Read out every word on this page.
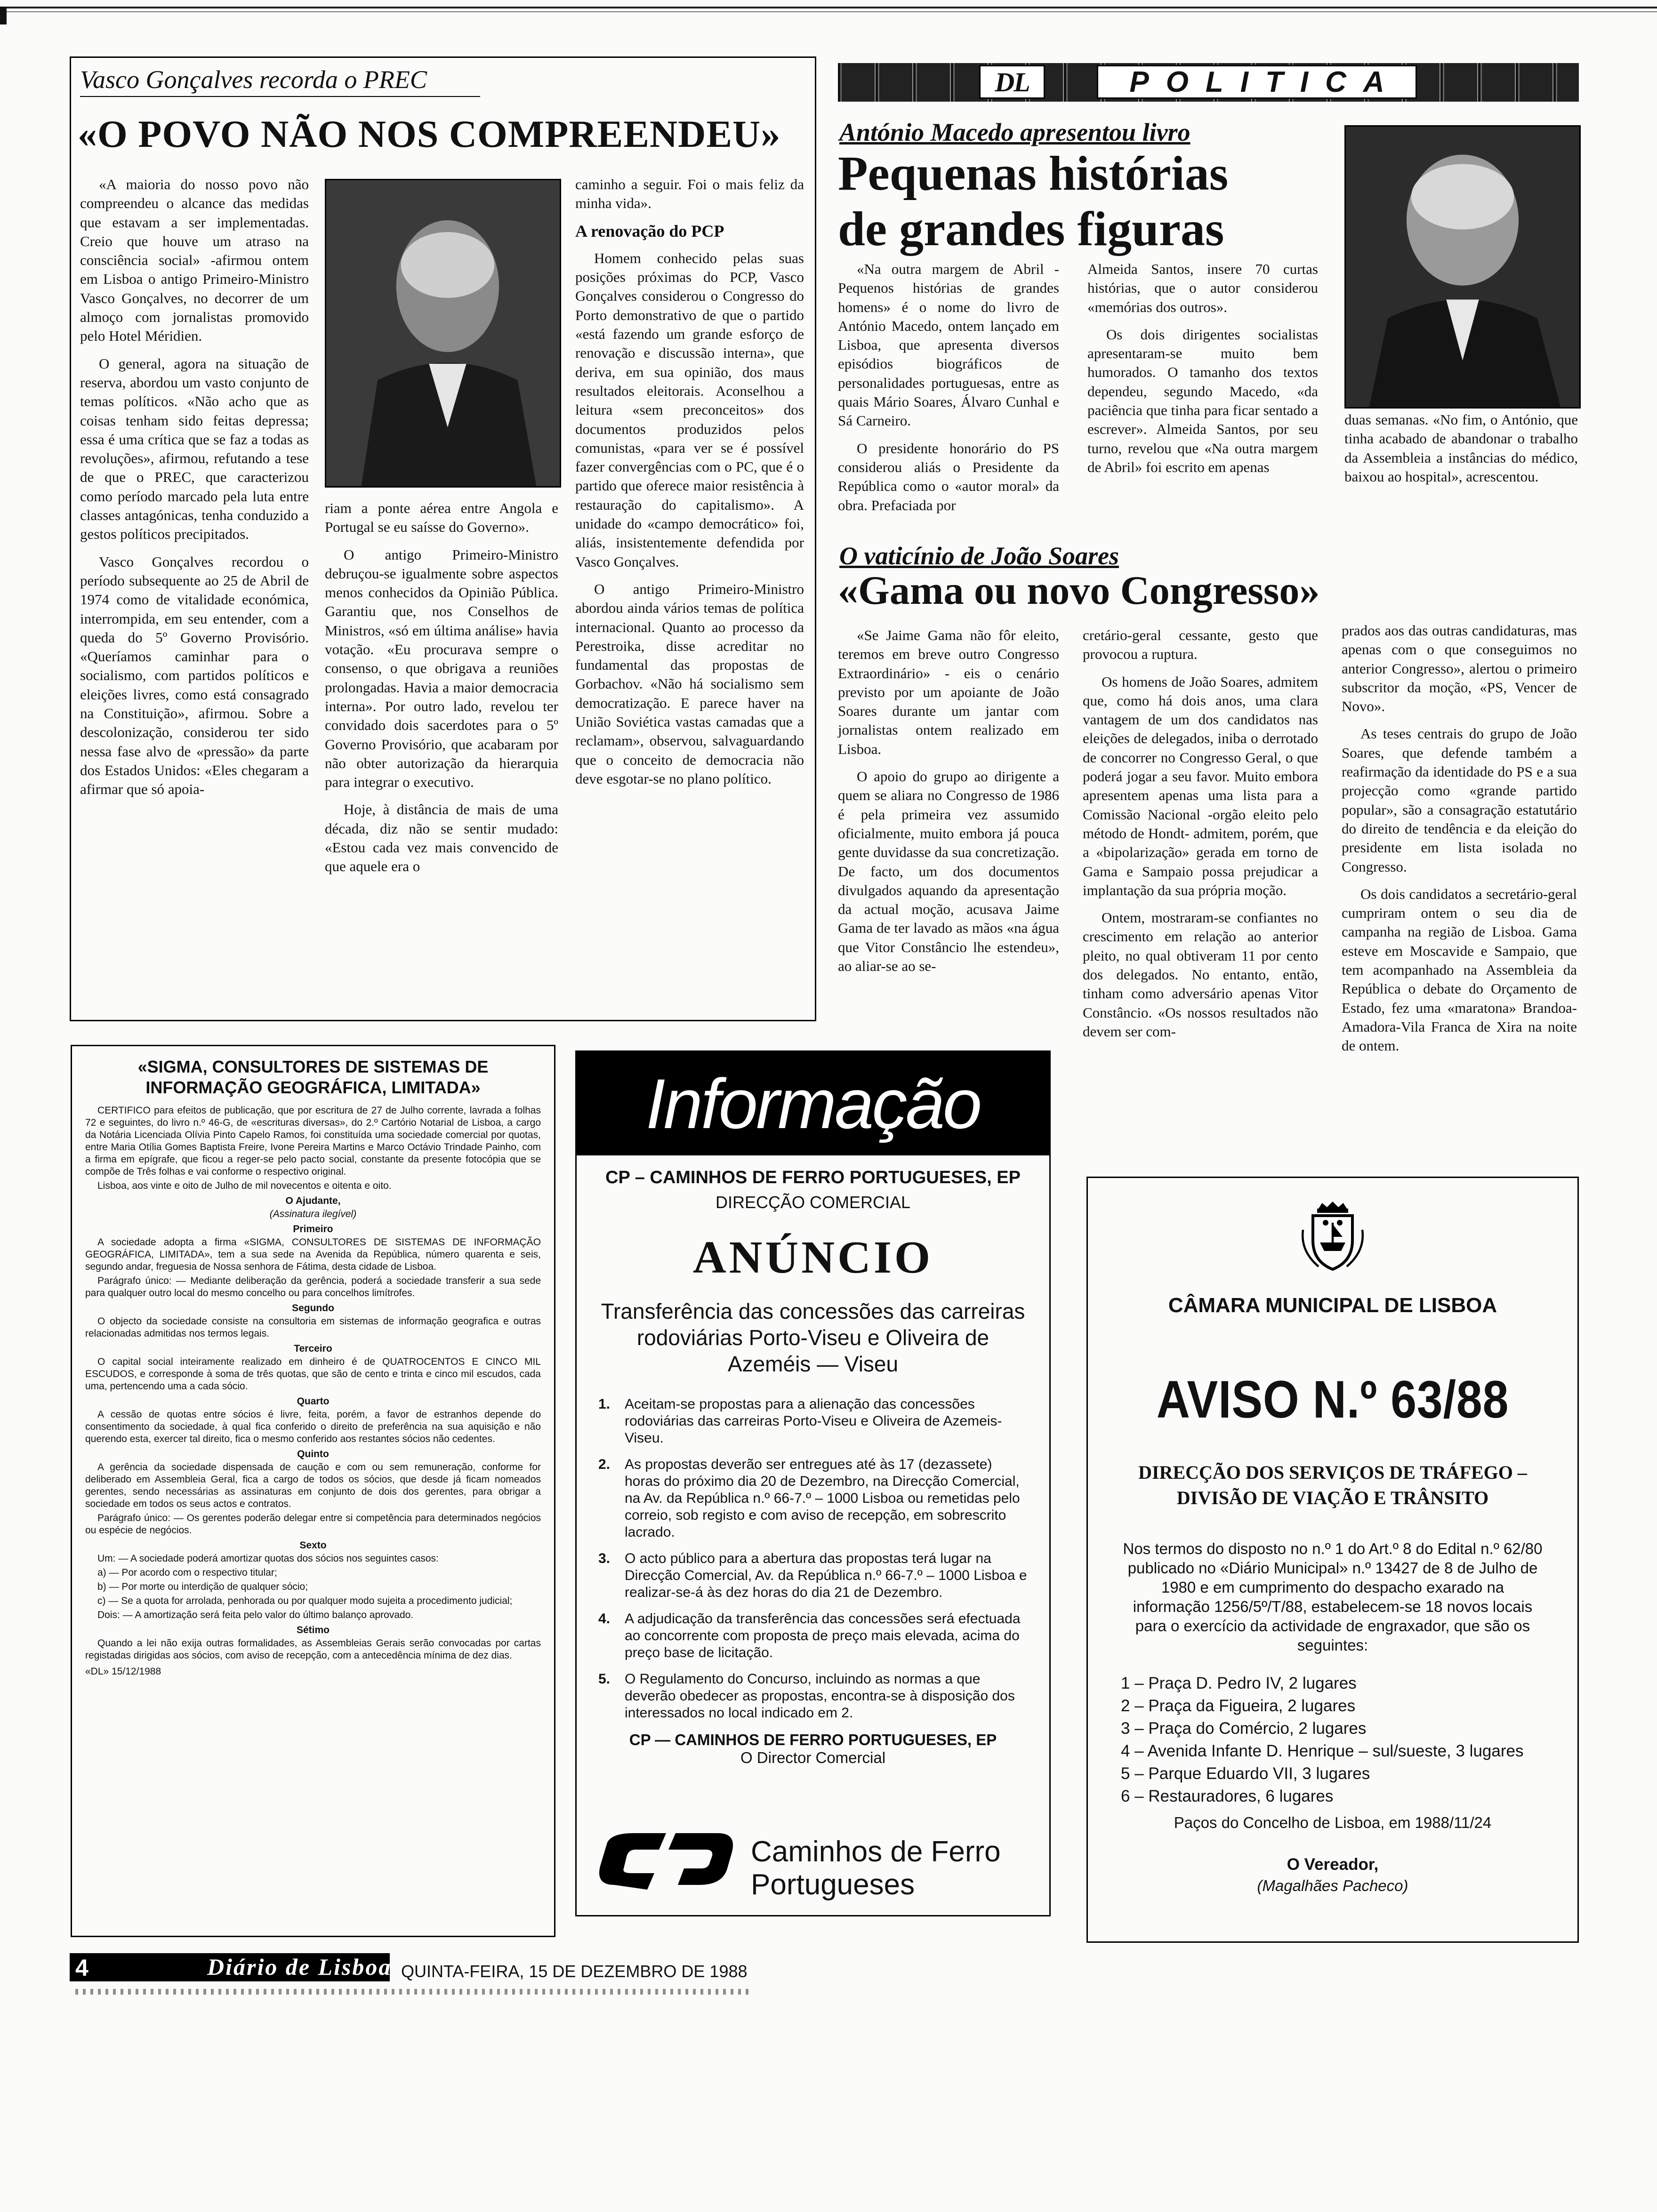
Vasco Gonçalves recorda o PREC
«O POVO NÃO NOS COMPREENDEU»

«A maioria do nosso povo não compreendeu o alcance das medidas que estavam a ser implementadas. Creio que houve um atraso na consciência social» -afirmou ontem em Lisboa o antigo Primeiro-Ministro Vasco Gonçalves, no decorrer de um almoço com jornalistas promovido pelo Hotel Méridien.

O general, agora na situação de reserva, abordou um vasto conjunto de temas políticos. «Não acho que as coisas tenham sido feitas depressa; essa é uma crítica que se faz a todas as revoluções», afirmou, refutando a tese de que o PREC, que caracterizou como período marcado pela luta entre classes antagónicas, tenha conduzido a gestos políticos precipitados.

Vasco Gonçalves recordou o período subsequente ao 25 de Abril de 1974 como de vitalidade económica, interrompida, em seu entender, com a queda do 5º Governo Provisório. «Queríamos caminhar para o socialismo, com partidos políticos e eleições livres, como está consagrado na Constituição», afirmou. Sobre a descolonização, considerou ter sido nessa fase alvo de «pressão» da parte dos Estados Unidos: «Eles chegaram a afirmar que só apoia-

riam a ponte aérea entre Angola e Portugal se eu saísse do Governo».

O antigo Primeiro-Ministro debruçou-se igualmente sobre aspectos menos conhecidos da Opinião Pública. Garantiu que, nos Conselhos de Ministros, «só em última análise» havia votação. «Eu procurava sempre o consenso, o que obrigava a reuniões prolongadas. Havia a maior democracia interna». Por outro lado, revelou ter convidado dois sacerdotes para o 5º Governo Provisório, que acabaram por não obter autorização da hierarquia para integrar o executivo.

Hoje, à distância de mais de uma década, diz não se sentir mudado: «Estou cada vez mais convencido de que aquele era o

caminho a seguir. Foi o mais feliz da minha vida».

A renovação do PCP

Homem conhecido pelas suas posições próximas do PCP, Vasco Gonçalves considerou o Congresso do Porto demonstrativo de que o partido «está fazendo um grande esforço de renovação e discussão interna», que deriva, em sua opinião, dos maus resultados eleitorais. Aconselhou a leitura «sem preconceitos» dos documentos produzidos pelos comunistas, «para ver se é possível fazer convergências com o PC, que é o partido que oferece maior resistência à restauração do capitalismo». A unidade do «campo democrático» foi, aliás, insistentemente defendida por Vasco Gonçalves.

O antigo Primeiro-Ministro abordou ainda vários temas de política internacional. Quanto ao processo da Perestroika, disse acreditar no fundamental das propostas de Gorbachov. «Não há socialismo sem democratização. E parece haver na União Soviética vastas camadas que a reclamam», observou, salvaguardando que o conceito de democracia não deve esgotar-se no plano político.

DL	POLITICA
António Macedo apresentou livro
Pequenas histórias
de grandes figuras

«Na outra margem de Abril - Pequenos histórias de grandes homens» é o nome do livro de António Macedo, ontem lançado em Lisboa, que apresenta diversos episódios biográficos de personalidades portuguesas, entre as quais Mário Soares, Álvaro Cunhal e Sá Carneiro.

O presidente honorário do PS considerou aliás o Presidente da República como o «autor moral» da obra. Prefaciada por

Almeida Santos, insere 70 curtas histórias, que o autor considerou «memórias dos outros».

Os dois dirigentes socialistas apresentaram-se muito bem humorados. O tamanho dos textos dependeu, segundo Macedo, «da paciência que tinha para ficar sentado a escrever». Almeida Santos, por seu turno, revelou que «Na outra margem de Abril» foi escrito em apenas

duas semanas. «No fim, o António, que tinha acabado de abandonar o trabalho da Assembleia a instâncias do médico, baixou ao hospital», acrescentou.

O vaticínio de João Soares
«Gama ou novo Congresso»

«Se Jaime Gama não fôr eleito, teremos em breve outro Congresso Extraordinário» - eis o cenário previsto por um apoiante de João Soares durante um jantar com jornalistas ontem realizado em Lisboa.

O apoio do grupo ao dirigente a quem se aliara no Congresso de 1986 é pela primeira vez assumido oficialmente, muito embora já pouca gente duvidasse da sua concretização. De facto, um dos documentos divulgados aquando da apresentação da actual moção, acusava Jaime Gama de ter lavado as mãos «na água que Vitor Constâncio lhe estendeu», ao aliar-se ao se-

cretário-geral cessante, gesto que provocou a ruptura.

Os homens de João Soares, admitem que, como há dois anos, uma clara vantagem de um dos candidatos nas eleições de delegados, iniba o derrotado de concorrer no Congresso Geral, o que poderá jogar a seu favor. Muito embora apresentem apenas uma lista para a Comissão Nacional -orgão eleito pelo método de Hondt- admitem, porém, que a «bipolarização» gerada em torno de Gama e Sampaio possa prejudicar a implantação da sua própria moção.

Ontem, mostraram-se confiantes no crescimento em relação ao anterior pleito, no qual obtiveram 11 por cento dos delegados. No entanto, então, tinham como adversário apenas Vitor Constâncio. «Os nossos resultados não devem ser com-

prados aos das outras candidaturas, mas apenas com o que conseguimos no anterior Congresso», alertou o primeiro subscritor da moção, «PS, Vencer de Novo».

As teses centrais do grupo de João Soares, que defende também a reafirmação da identidade do PS e a sua projecção como «grande partido popular», são a consagração estatutário do direito de tendência e da eleição do presidente em lista isolada no Congresso.

Os dois candidatos a secretário-geral cumpriram ontem o seu dia de campanha na região de Lisboa. Gama esteve em Moscavide e Sampaio, que tem acompanhado na Assembleia da República o debate do Orçamento de Estado, fez uma «maratona» Brandoa-Amadora-Vila Franca de Xira na noite de ontem.

«SIGMA, CONSULTORES DE SISTEMAS DE INFORMAÇÃO GEOGRÁFICA, LIMITADA»

CERTIFICO para efeitos de publicação, que por escritura de 27 de Julho corrente, lavrada a folhas 72 e seguintes, do livro n.º 46-G, de «escrituras diversas», do 2.º Cartório Notarial de Lisboa, a cargo da Notária Licenciada Olívia Pinto Capelo Ramos, foi constituída uma sociedade comercial por quotas, entre Maria Otília Gomes Baptista Freire, Ivone Pereira Martins e Marco Octávio Trindade Painho, com a firma em epígrafe, que ficou a reger-se pelo pacto social, constante da presente fotocópia que se compõe de Três folhas e vai conforme o respectivo original.

Lisboa, aos vinte e oito de Julho de mil novecentos e oitenta e oito.

O Ajudante,

(Assinatura ilegível)

Primeiro

A sociedade adopta a firma «SIGMA, CONSULTORES DE SISTEMAS DE INFORMAÇÃO GEOGRÁFICA, LIMITADA», tem a sua sede na Avenida da República, número quarenta e seis, segundo andar, freguesia de Nossa senhora de Fátima, desta cidade de Lisboa.

Parágrafo único: — Mediante deliberação da gerência, poderá a sociedade transferir a sua sede para qualquer outro local do mesmo concelho ou para concelhos limítrofes.

Segundo

O objecto da sociedade consiste na consultoria em sistemas de informação geografica e outras relacionadas admitidas nos termos legais.

Terceiro

O capital social inteiramente realizado em dinheiro é de QUATROCENTOS E CINCO MIL ESCUDOS, e corresponde à soma de três quotas, que são de cento e trinta e cinco mil escudos, cada uma, pertencendo uma a cada sócio.

Quarto

A cessão de quotas entre sócios é livre, feita, porém, a favor de estranhos depende do consentimento da sociedade, à qual fica conferido o direito de preferência na sua aquisição e não querendo esta, exercer tal direito, fica o mesmo conferido aos restantes sócios não cedentes.

Quinto

A gerência da sociedade dispensada de caução e com ou sem remuneração, conforme for deliberado em Assembleia Geral, fica a cargo de todos os sócios, que desde já ficam nomeados gerentes, sendo necessárias as assinaturas em conjunto de dois dos gerentes, para obrigar a sociedade em todos os seus actos e contratos.

Parágrafo único: — Os gerentes poderão delegar entre si competência para determinados negócios ou espécie de negócios.

Sexto

Um: — A sociedade poderá amortizar quotas dos sócios nos seguintes casos:

a) — Por acordo com o respectivo titular;

b) — Por morte ou interdição de qualquer sócio;

c) — Se a quota for arrolada, penhorada ou por qualquer modo sujeita a procedimento judicial;

Dois: — A amortização será feita pelo valor do último balanço aprovado.

Sétimo

Quando a lei não exija outras formalidades, as Assembleias Gerais serão convocadas por cartas registadas dirigidas aos sócios, com aviso de recepção, com a antecedência mínima de dez dias.

«DL» 15/12/1988
Informação
CP – CAMINHOS DE FERRO PORTUGUESES, EP
DIRECÇÃO COMERCIAL
ANÚNCIO
Transferência das concessões das carreiras rodoviárias Porto-Viseu e Oliveira de Azeméis — Viseu
1. Aceitam-se propostas para a alienação das concessões rodoviárias das carreiras Porto-Viseu e Oliveira de Azemeis-Viseu.
2. As propostas deverão ser entregues até às 17 (dezassete) horas do próximo dia 20 de Dezembro, na Direcção Comercial, na Av. da República n.º 66-7.º – 1000 Lisboa ou remetidas pelo correio, sob registo e com aviso de recepção, em sobrescrito lacrado.
3. O acto público para a abertura das propostas terá lugar na Direcção Comercial, Av. da República n.º 66-7.º – 1000 Lisboa e realizar-se-á às dez horas do dia 21 de Dezembro.
4. A adjudicação da transferência das concessões será efectuada ao concorrente com proposta de preço mais elevada, acima do preço base de licitação.
5. O Regulamento do Concurso, incluindo as normas a que deverão obedecer as propostas, encontra-se à disposição dos interessados no local indicado em 2.
CP — CAMINHOS DE FERRO PORTUGUESES, EP
O Director Comercial
Caminhos de Ferro
Portugueses
CÂMARA MUNICIPAL DE LISBOA
AVISO N.º 63/88
DIRECÇÃO DOS SERVIÇOS DE TRÁFEGO – DIVISÃO DE VIAÇÃO E TRÂNSITO
Nos termos do disposto no n.º 1 do Art.º 8 do Edital n.º 62/80 publicado no «Diário Municipal» n.º 13427 de 8 de Julho de 1980 e em cumprimento do despacho exarado na informação 1256/5º/T/88, estabelecem-se 18 novos locais para o exercício da actividade de engraxador, que são os seguintes:
1 – Praça D. Pedro IV, 2 lugares
2 – Praça da Figueira, 2 lugares
3 – Praça do Comércio, 2 lugares
4 – Avenida Infante D. Henrique – sul/sueste, 3 lugares
5 – Parque Eduardo VII, 3 lugares
6 – Restauradores, 6 lugares
Paços do Concelho de Lisboa, em 1988/11/24
O Vereador,
(Magalhães Pacheco)
4	Diário de Lisboa QUINTA-FEIRA, 15 DE DEZEMBRO DE 1988
